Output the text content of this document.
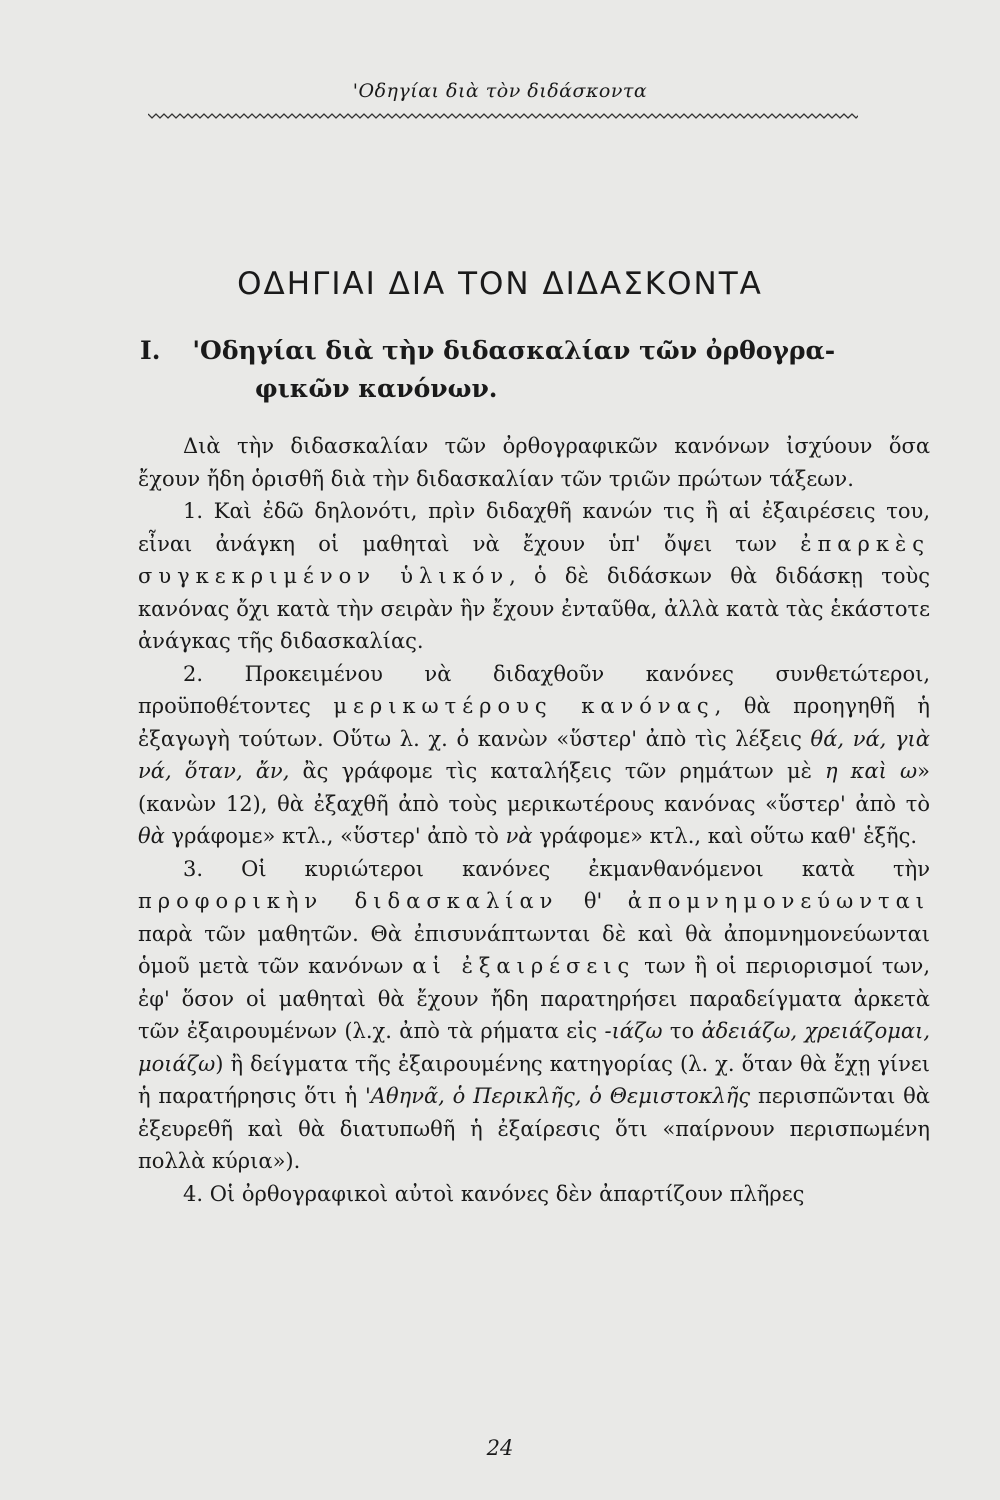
'Οδηγίαι διὰ τὸν διδάσκοντα
ΟΔΗΓΙΑΙ ΔΙΑ ΤΟΝ ΔΙΔΑΣΚΟΝΤΑ
I. 'Οδηγίαι διὰ τὴν διδασκαλίαν τῶν ὀρθογρα-
φικῶν κανόνων.

Διὰ τὴν διδασκαλίαν τῶν ὀρθογραφικῶν κανόνων ἰσχύουν ὅσα ἔχουν ἤδη ὁρισθῆ διὰ τὴν διδασκαλίαν τῶν τριῶν πρώτων τάξεων.

1. Καὶ ἐδῶ δηλονότι, πρὶν διδαχθῆ κανών τις ἢ αἱ ἐξαιρέσεις του, εἶναι ἀνάγκη οἱ μαθηταὶ νὰ ἔχουν ὑπ' ὄψει των ἐπαρκὲς συγκεκριμένον ὑλικόν, ὁ δὲ διδάσκων θὰ διδάσκῃ τοὺς κανόνας ὄχι κατὰ τὴν σειρὰν ἣν ἔχουν ἐνταῦθα, ἀλλὰ κατὰ τὰς ἑκάστοτε ἀνάγκας τῆς διδασκαλίας.

2. Προκειμένου νὰ διδαχθοῦν κανόνες συνθετώτεροι, προϋποθέτοντες μερικωτέρους κανόνας, θὰ προηγηθῆ ἡ ἐξαγωγὴ τούτων. Οὕτω λ. χ. ὁ κανὼν «ὕστερ' ἀπὸ τὶς λέξεις θά, νά, γιὰ νά, ὅταν, ἄν, ἂς γράφομε τὶς καταλήξεις τῶν ρημάτων μὲ η καὶ ω» (κανὼν 12), θὰ ἐξαχθῆ ἀπὸ τοὺς μερικωτέρους κανόνας «ὕστερ' ἀπὸ τὸ θὰ γράφομε» κτλ., «ὕστερ' ἀπὸ τὸ νὰ γράφομε» κτλ., καὶ οὕτω καθ' ἑξῆς.

3. Οἱ κυριώτεροι κανόνες ἐκμανθανόμενοι κατὰ τὴν προφορικὴν διδασκαλίαν θ' ἀπομνημονεύωνται παρὰ τῶν μαθητῶν. Θὰ ἐπισυνάπτωνται δὲ καὶ θὰ ἀπομνημονεύωνται ὁμοῦ μετὰ τῶν κανόνων αἱ ἐξαιρέσεις των ἢ οἱ περιορισμοί των, ἐφ' ὅσον οἱ μαθηταὶ θὰ ἔχουν ἤδη παρατηρήσει παραδείγματα ἀρκετὰ τῶν ἐξαιρουμένων (λ.χ. ἀπὸ τὰ ρήματα εἰς -ιάζω το ἀδειάζω, χρειάζομαι, μοιάζω) ἢ δείγματα τῆς ἐξαιρουμένης κατηγορίας (λ. χ. ὅταν θὰ ἔχῃ γίνει ἡ παρατήρησις ὅτι ἡ 'Αθηνᾶ, ὁ Περικλῆς, ὁ Θεμιστοκλῆς περισπῶνται θὰ ἐξευρεθῆ καὶ θὰ διατυπωθῆ ἡ ἐξαίρεσις ὅτι «παίρνουν περισπωμένη πολλὰ κύρια»).

4. Οἱ ὀρθογραφικοὶ αὐτοὶ κανόνες δὲν ἀπαρτίζουν πλῆρες

24
